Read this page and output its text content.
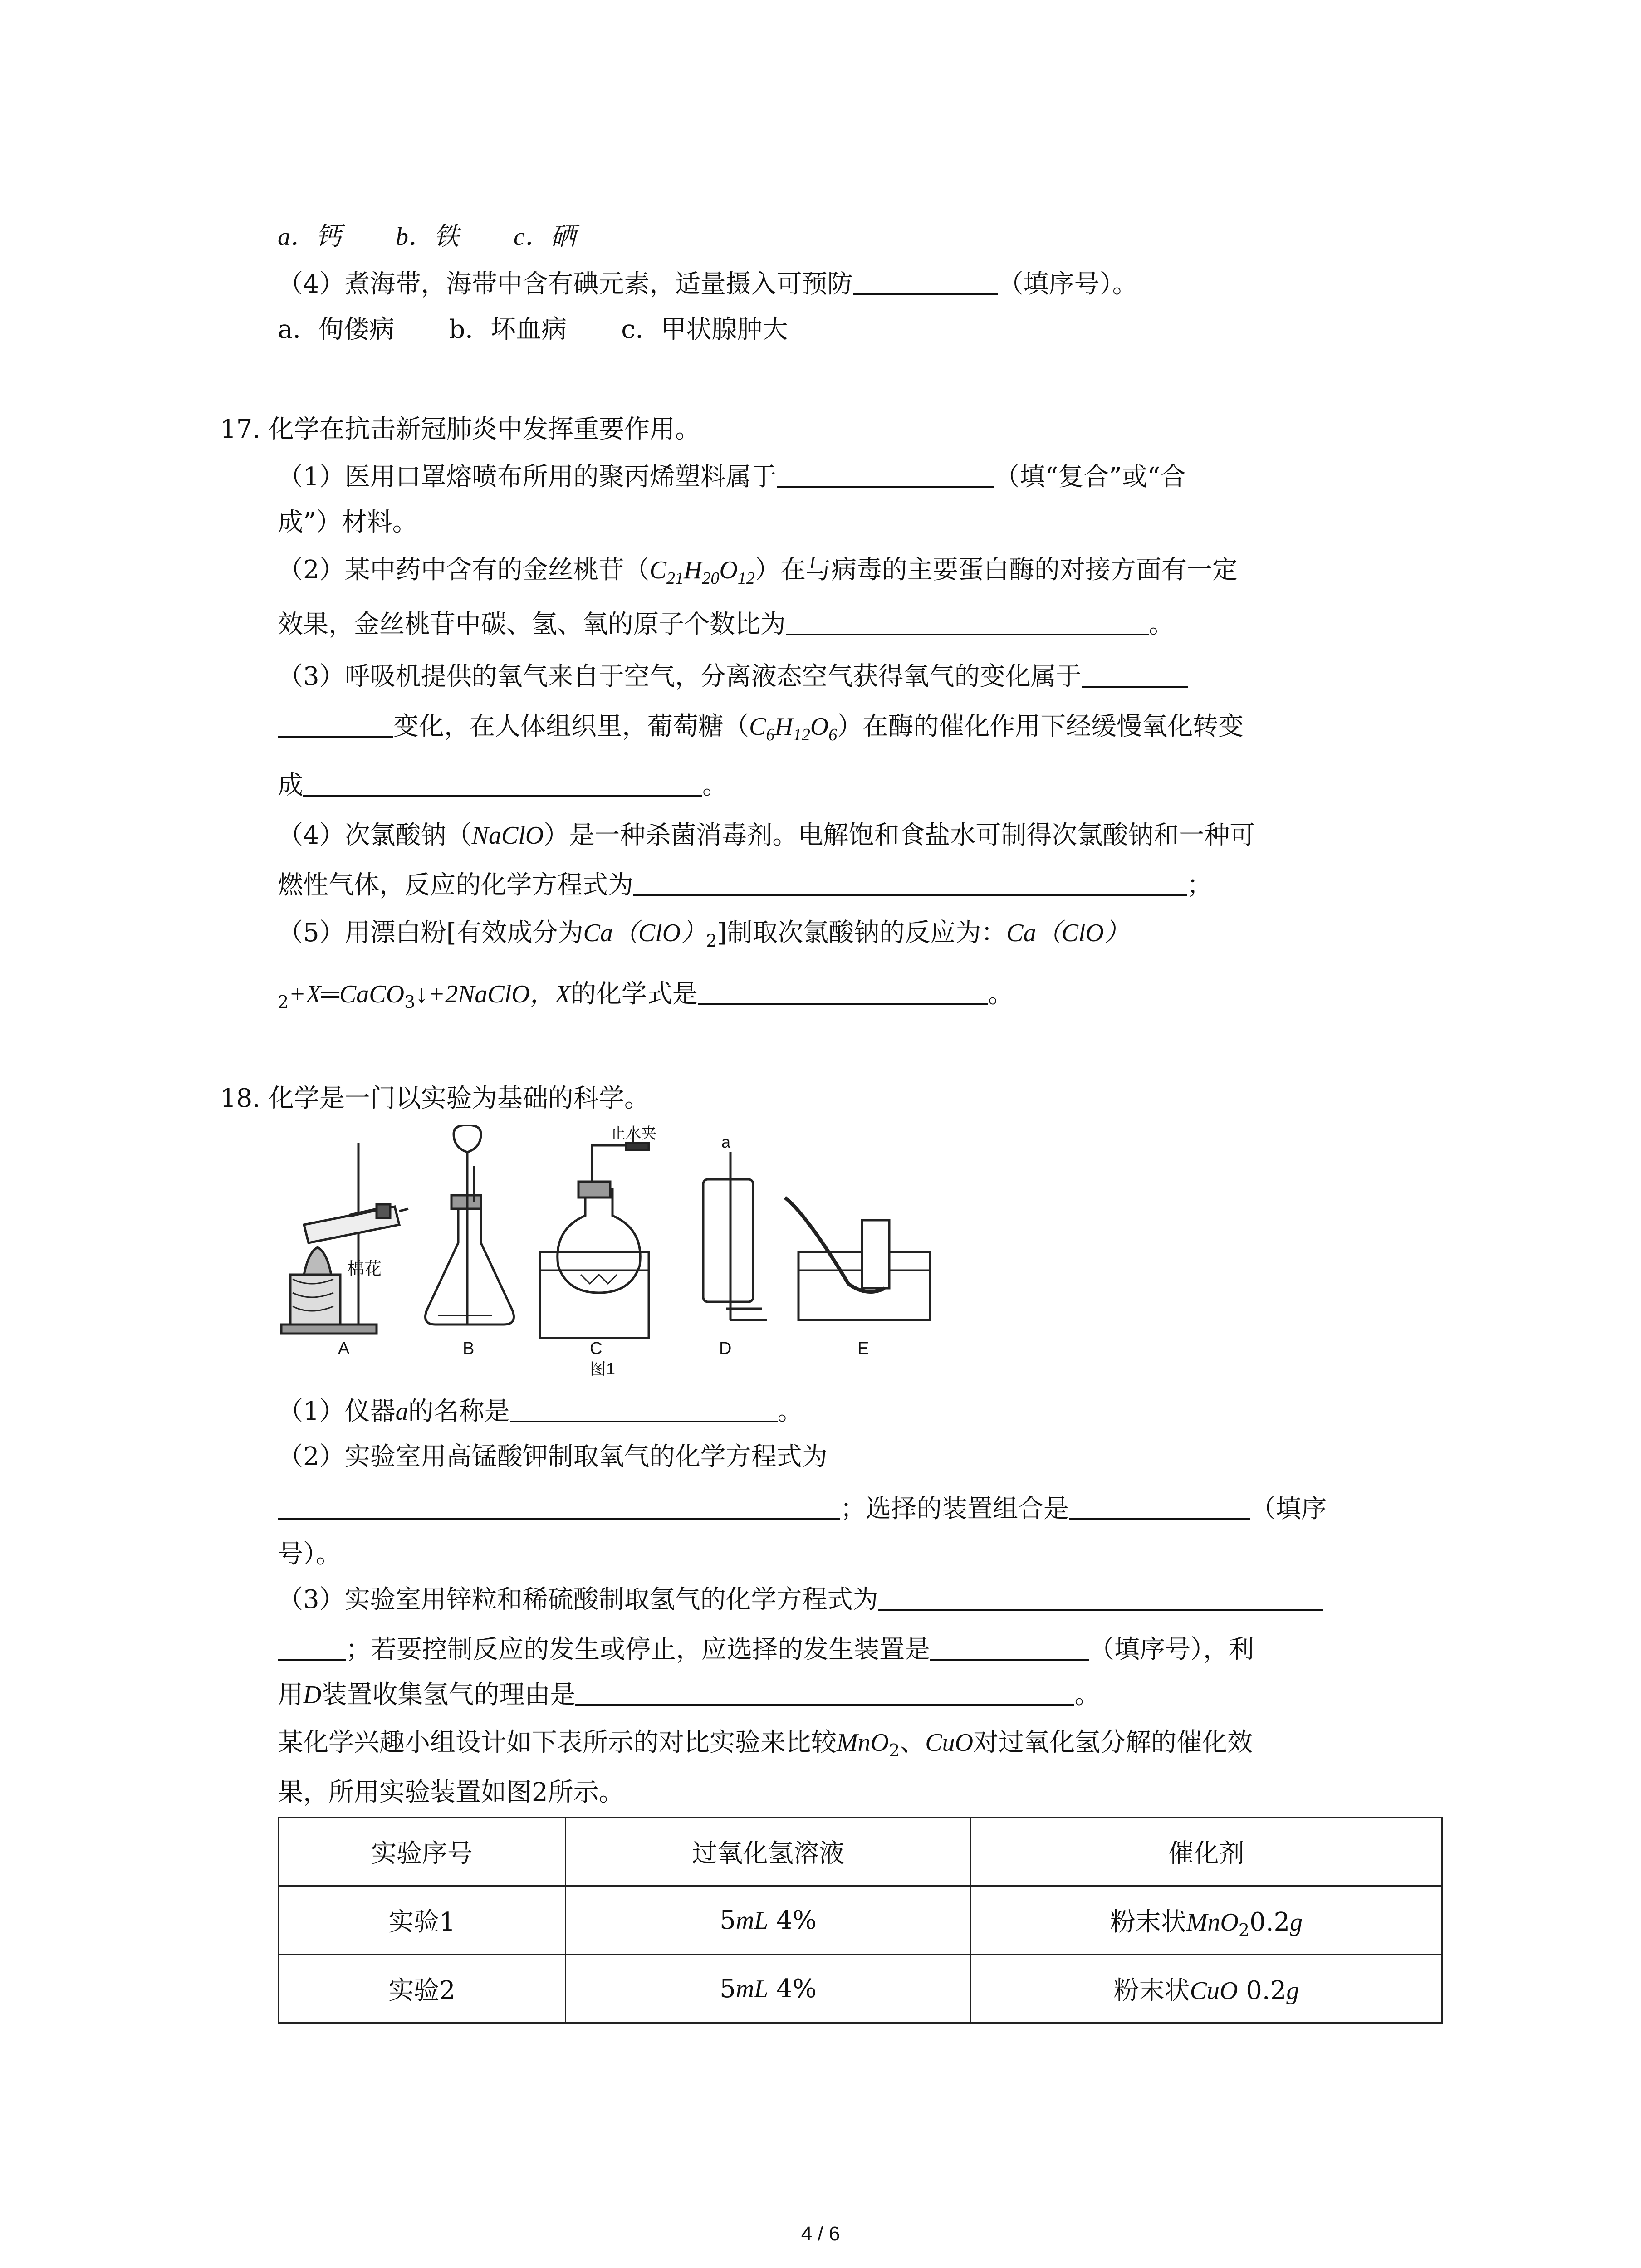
a．钙 b．铁 c．硒
（4）煮海带，海带中含有碘元素，适量摄入可预防	（填序号）。
a．佝偻病 b．坏血病 c．甲状腺肿大
17. 化学在抗击新冠肺炎中发挥重要作用。
（1）医用口罩熔喷布所用的聚丙烯塑料属于	（填“复合”或“合
成”）材料。
（2）某中药中含有的金丝桃苷$(C_{21}H_{20}O_{12})$在与病毒的主要蛋白酶的对接方面有一定
效果，金丝桃苷中碳、氢、氧的原子个数比为	。
（3）呼吸机提供的氧气来自于空气，分离液态空气获得氧气的变化属于
变化，在人体组织里，葡萄糖$(C_6H_{12}O_6)$在酶的催化作用下经缓慢氧化转变
成	。
（4）次氯酸钠（NaClO）是一种杀菌消毒剂。电解饱和食盐水可制得次氯酸钠和一种可
燃性气体，反应的化学方程式为	；
（5）用漂白粉[有效成分为$Ca(ClO)_2$]制取次氯酸钠的反应为：Ca（ClO）
$_2$+X═CaCO$_3$↓+2NaClO，X的化学式是	。
18. 化学是一门以实验为基础的科学。
棉花
止水夹	a
A	B	C	D	E
图1
（1）仪器a的名称是	。
（2）实验室用高锰酸钾制取氧气的化学方程式为
；选择的装置组合是	（填序
号）。
（3）实验室用锌粒和稀硫酸制取氢气的化学方程式为
；若要控制反应的发生或停止，应选择的发生装置是	（填序号），利
用D装置收集氢气的理由是	。
某化学兴趣小组设计如下表所示的对比实验来比较MnO$_2$、CuO对过氧化氢分解的催化效
果，所用实验装置如图2所示。
实验序号	过氧化氢溶液	催化剂
实验1	5mL 4%	粉末状MnO$_2$0.2g
实验2	5mL 4%	粉末状CuO 0.2g
4 / 6
